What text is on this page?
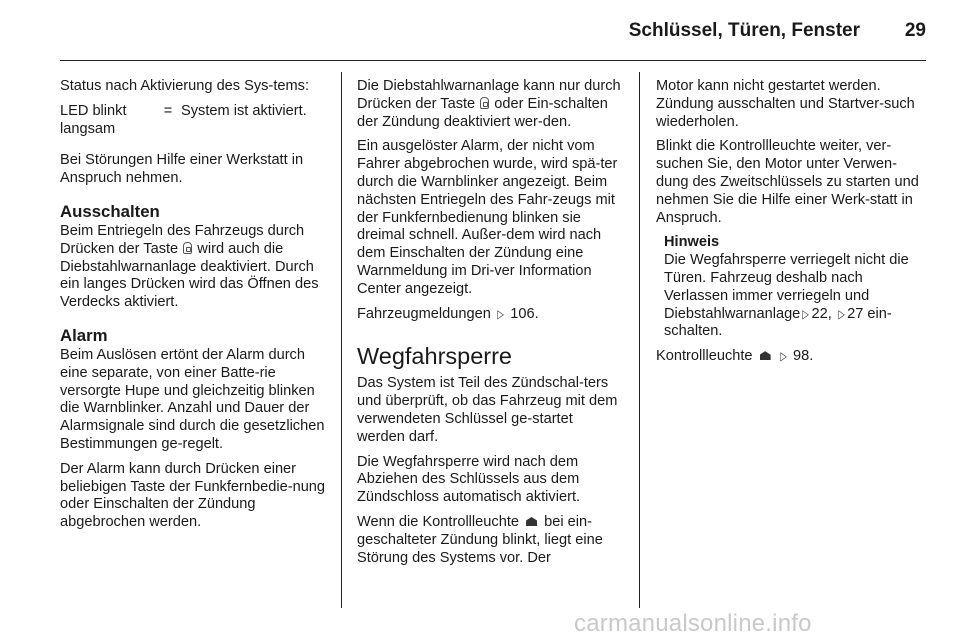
Schlüssel, Türen, Fenster	29

Status nach Aktivierung des Sys-tems:

LED blinkt langsam
= System ist aktiviert.

Bei Störungen Hilfe einer Werkstatt in Anspruch nehmen.

Ausschalten

Beim Entriegeln des Fahrzeugs durch Drücken der Taste wird auch die Diebstahlwarnanlage deaktiviert. Durch ein langes Drücken wird das Öffnen des Verdecks aktiviert.

Alarm

Beim Auslösen ertönt der Alarm durch eine separate, von einer Batte-rie versorgte Hupe und gleichzeitig blinken die Warnblinker. Anzahl und Dauer der Alarmsignale sind durch die gesetzlichen Bestimmungen ge-regelt.

Der Alarm kann durch Drücken einer beliebigen Taste der Funkfernbedie-nung oder Einschalten der Zündung abgebrochen werden.

Die Diebstahlwarnanlage kann nur durch Drücken der Taste oder Ein-schalten der Zündung deaktiviert wer-den.

Ein ausgelöster Alarm, der nicht vom Fahrer abgebrochen wurde, wird spä-ter durch die Warnblinker angezeigt. Beim nächsten Entriegeln des Fahr-zeugs mit der Funkfernbedienung blinken sie dreimal schnell. Außer-dem wird nach dem Einschalten der Zündung eine Warnmeldung im Dri-ver Information Center angezeigt.

Fahrzeugmeldungen ▷ 106.

Wegfahrsperre

Das System ist Teil des Zündschal-ters und überprüft, ob das Fahrzeug mit dem verwendeten Schlüssel ge-startet werden darf.

Die Wegfahrsperre wird nach dem Abziehen des Schlüssels aus dem Zündschloss automatisch aktiviert.

Wenn die Kontrollleuchte bei ein-geschalteter Zündung blinkt, liegt eine Störung des Systems vor. Der

Motor kann nicht gestartet werden. Zündung ausschalten und Startver-such wiederholen.

Blinkt die Kontrollleuchte weiter, ver-suchen Sie, den Motor unter Verwen-dung des Zweitschlüssels zu starten und nehmen Sie die Hilfe einer Werk-statt in Anspruch.

Hinweis
Die Wegfahrsperre verriegelt nicht die Türen. Fahrzeug deshalb nach Verlassen immer verriegeln und Diebstahlwarnanlage ▷ 22, ▷ 27 ein-schalten.

Kontrollleuchte ▷ 98.

carmanualsonline.info
